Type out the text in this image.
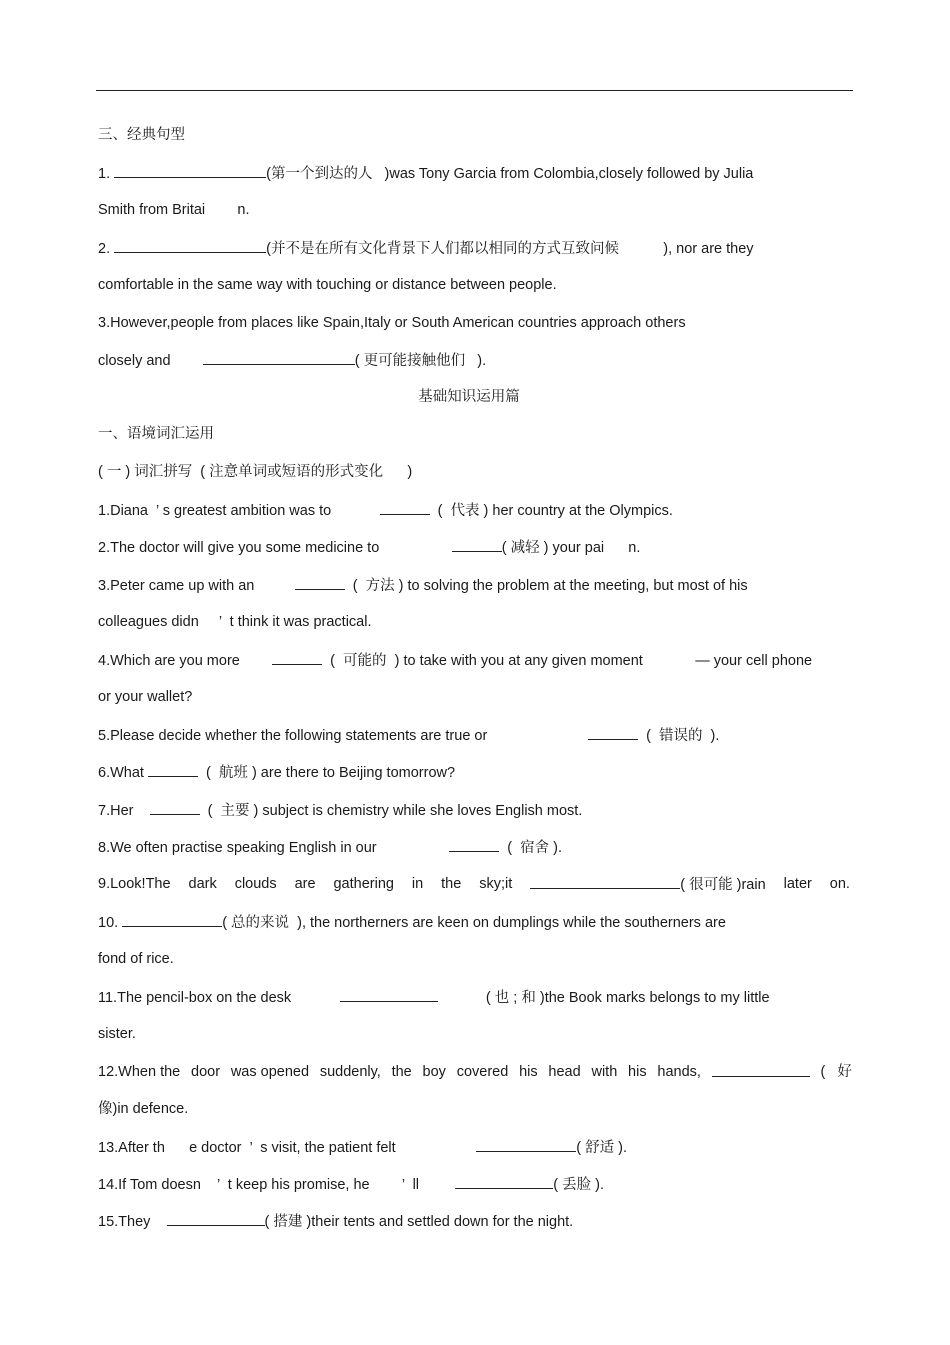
三、经典句型
1.	(第一个到达的人   )was Tony Garcia from Colombia,closely followed by Julia
Smith from Britai        n.
2.	(并不是在所有文化背景下人们都以相同的方式互致问候           ), nor are they
comfortable in the same way with touching or distance between people.
3.However,people from places like Spain,Italy or South American countries approach others
closely and	( 更可能接触他们   ).
基础知识运用篇
一、语境词汇运用
( 一 ) 词汇拼写  ( 注意单词或短语的形式变化      )
1.Diana  ’ s greatest ambition was to	(  代表 ) her country at the Olympics.
2.The doctor will give you some medicine to	( 减轻 ) your pai      n.
3.Peter came up with an	(  方法 ) to solving the problem at the meeting, but most of his
colleagues didn     ’  t think it was practical.
4.Which are you more	(  可能的  ) to take with you at any given moment             — your cell phone
or your wallet?
5.Please decide whether the following statements are true or	(  错误的  ).
6.What	(  航班 ) are there to Beijing tomorrow?
7.Her	(  主要 ) subject is chemistry while she loves English most.
8.We often practise speaking English in our	(  宿舍 ).
9.Look!The dark clouds are gathering in the sky;it	( 很可能 )rain later on.
10.	( 总的来说  ), the northerners are keen on dumplings while the southerners are
fond of rice.
11.The pencil-box on the desk	( 也 ; 和 )the Book marks belongs to my little
sister.
12.When the door was opened suddenly, the boy covered his head with his hands,	(   好
像)in defence.
13.After th      e doctor  ’  s visit, the patient felt	( 舒适 ).
14.If Tom doesn    ’  t keep his promise, he        ’  ll	( 丢脸 ).
15.They	( 搭建 )their tents and settled down for the night.
